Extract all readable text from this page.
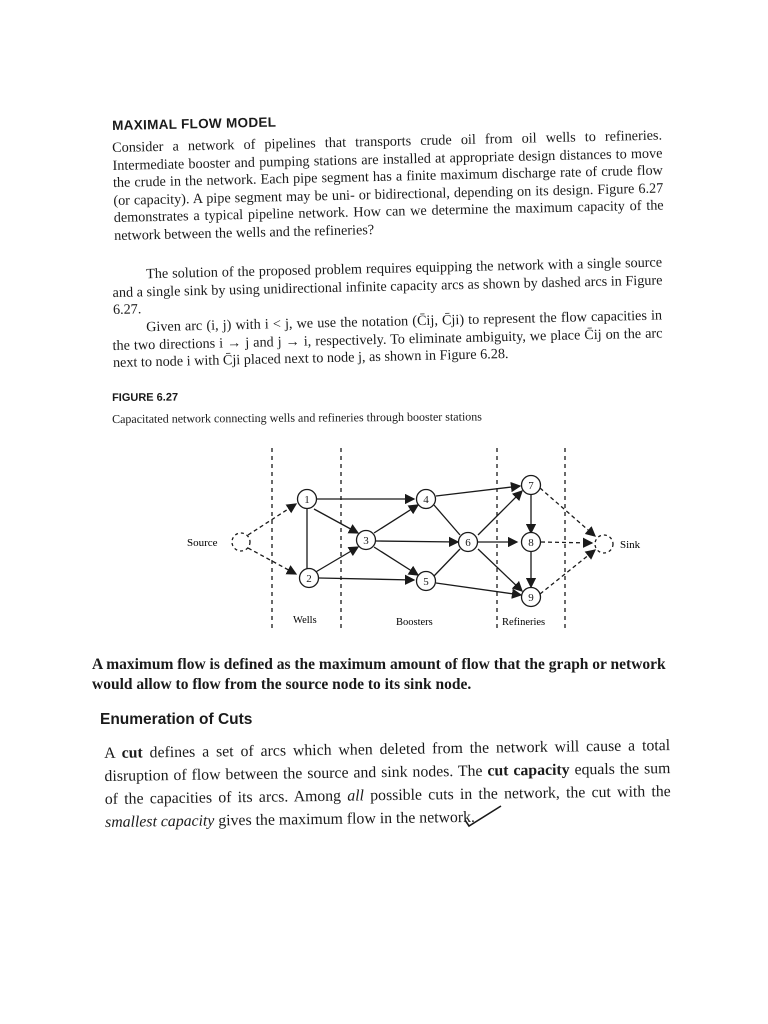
MAXIMAL FLOW MODEL

Consider a network of pipelines that transports crude oil from oil wells to refineries. Intermediate booster and pumping stations are installed at appropriate design distances to move the crude in the network. Each pipe segment has a finite maximum discharge rate of crude flow (or capacity). A pipe segment may be uni- or bidirectional, depending on its design. Figure 6.27 demonstrates a typical pipeline network. How can we determine the maximum capacity of the network between the wells and the refineries?

The solution of the proposed problem requires equipping the network with a single source and a single sink by using unidirectional infinite capacity arcs as shown by dashed arcs in Figure 6.27. Given arc (i, j) with i < j, we use the notation (C̄ij, C̄ji) to represent the flow capacities in the two directions i → j and j → i, respectively. To eliminate ambiguity, we place C̄ij on the arc next to node i with C̄ji placed next to node j, as shown in Figure 6.28.

FIGURE 6.27
Capacitated network connecting wells and refineries through booster stations
Source	Sink
1
2
3
4
5
6
7
8
9
Wells	Boosters	Refineries
A maximum flow is defined as the maximum amount of flow that the graph or network would allow to flow from the source node to its sink node.
Enumeration of Cuts

A cut defines a set of arcs which when deleted from the network will cause a total disruption of flow between the source and sink nodes. The cut capacity equals the sum of the capacities of its arcs. Among all possible cuts in the network, the cut with the smallest capacity gives the maximum flow in the network.
